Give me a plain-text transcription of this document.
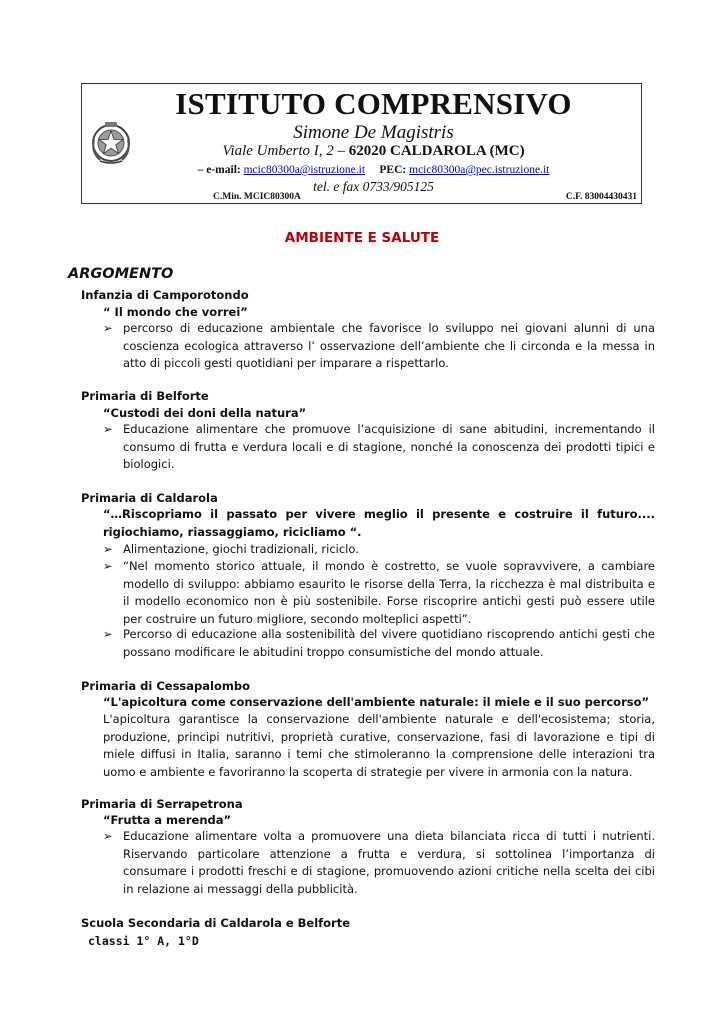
ISTITUTO COMPRENSIVO
Simone De Magistris
Viale Umberto I, 2 – 62020 CALDAROLA (MC)
– e-mail: mcic80300a@istruzione.it PEC: mcic80300a@pec.istruzione.it
tel. e fax 0733/905125
C.Min. MCIC80300A	C.F. 83004430431
AMBIENTE E SALUTE
ARGOMENTO
Infanzia di Camporotondo
“ Il mondo che vorrei”
➢ percorso di educazione ambientale che favorisce lo sviluppo nei giovani alunni di una coscienza ecologica attraverso l’ osservazione dell’ambiente che li circonda e la messa in atto di piccoli gesti quotidiani per imparare a rispettarlo.
Primaria di Belforte
“Custodi dei doni della natura”
➢ Educazione alimentare che promuove l’acquisizione di sane abitudini, incrementando il consumo di frutta e verdura locali e di stagione, nonché la conoscenza dei prodotti tipici e biologici.
Primaria di Caldarola
“…Riscopriamo il passato per vivere meglio il presente e costruire il futuro.... rigiochiamo, riassaggiamo, ricicliamo “.
➢ Alimentazione, giochi tradizionali, riciclo.
➢ “Nel momento storico attuale, il mondo è costretto, se vuole sopravvivere, a cambiare modello di sviluppo: abbiamo esaurito le risorse della Terra, la ricchezza è mal distribuita e il modello economico non è più sostenibile. Forse riscoprire antichi gesti può essere utile per costruire un futuro migliore, secondo molteplici aspetti”.
➢ Percorso di educazione alla sostenibilità del vivere quotidiano riscoprendo antichi gesti che possano modificare le abitudini troppo consumistiche del mondo attuale.
Primaria di Cessapalombo
“L'apicoltura come conservazione dell'ambiente naturale: il miele e il suo percorso”
L'apicoltura garantisce la conservazione dell'ambiente naturale e dell'ecosistema; storia, produzione, principi nutritivi, proprietà curative, conservazione, fasi di lavorazione e tipi di miele diffusi in Italia, saranno i temi che stimoleranno la comprensione delle interazioni tra uomo e ambiente e favoriranno la scoperta di strategie per vivere in armonia con la natura.
Primaria di Serrapetrona
“Frutta a merenda”
➢ Educazione alimentare volta a promuovere una dieta bilanciata ricca di tutti i nutrienti. Riservando particolare attenzione a frutta e verdura, si sottolinea l’importanza di consumare i prodotti freschi e di stagione, promuovendo azioni critiche nella scelta dei cibi in relazione ai messaggi della pubblicità.
Scuola Secondaria di Caldarola e Belforte
classi 1° A, 1°D
